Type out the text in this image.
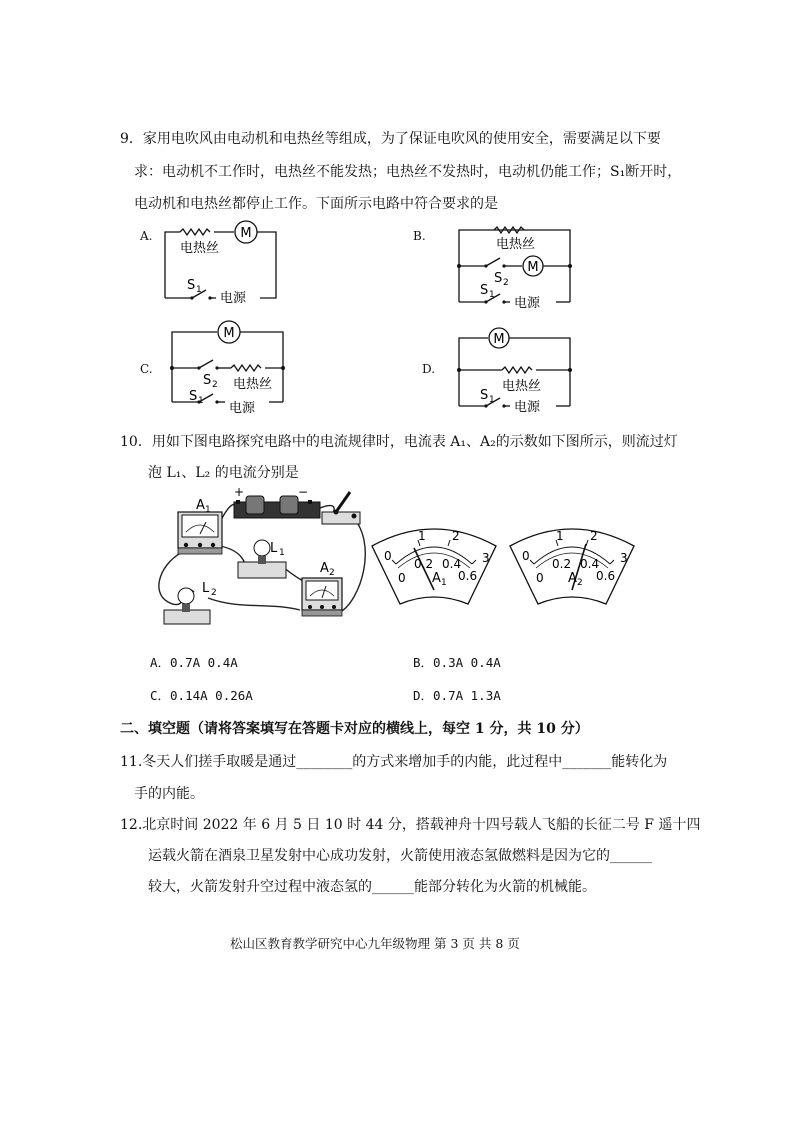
9．家用电吹风由电动机和电热丝等组成，为了保证电吹风的使用安全，需要满足以下要
求：电动机不工作时，电热丝不能发热；电热丝不发热时，电动机仍能工作；S₁断开时，
电动机和电热丝都停止工作。下面所示电路中符合要求的是
A.	B.
C.	D.
M
电热丝
S 1
电源
电热丝
M
S 2
S 1
电源
M
S 2 电热丝
S 1 电源
M
电热丝
S 1 电源
10．用如下图电路探究电路中的电流规律时，电流表 A₁、A₂的示数如下图所示，则流过灯
泡 L₁、L₂ 的电流分别是
A 1
+	−
L 1
L 2
A 2
0
1 2
3
0
0.2 0.4
0.6
A 1
0
1 2
3
0
0.2 0.4
0.6
A 2
A．0.7A 0.4A	B．0.3A 0.4A
C．0.14A 0.26A	D．0.7A 1.3A
二、填空题（请将答案填写在答题卡对应的横线上，每空 1 分，共 10 分）
11.冬天人们搓手取暖是通过________的方式来增加手的内能，此过程中_______能转化为
手的内能。
12.北京时间 2022 年 6 月 5 日 10 时 44 分，搭载神舟十四号载人飞船的长征二号 F 遥十四
运载火箭在酒泉卫星发射中心成功发射，火箭使用液态氢做燃料是因为它的______
较大，火箭发射升空过程中液态氢的______能部分转化为火箭的机械能。
松山区教育教学研究中心九年级物理 第 3 页 共 8 页
